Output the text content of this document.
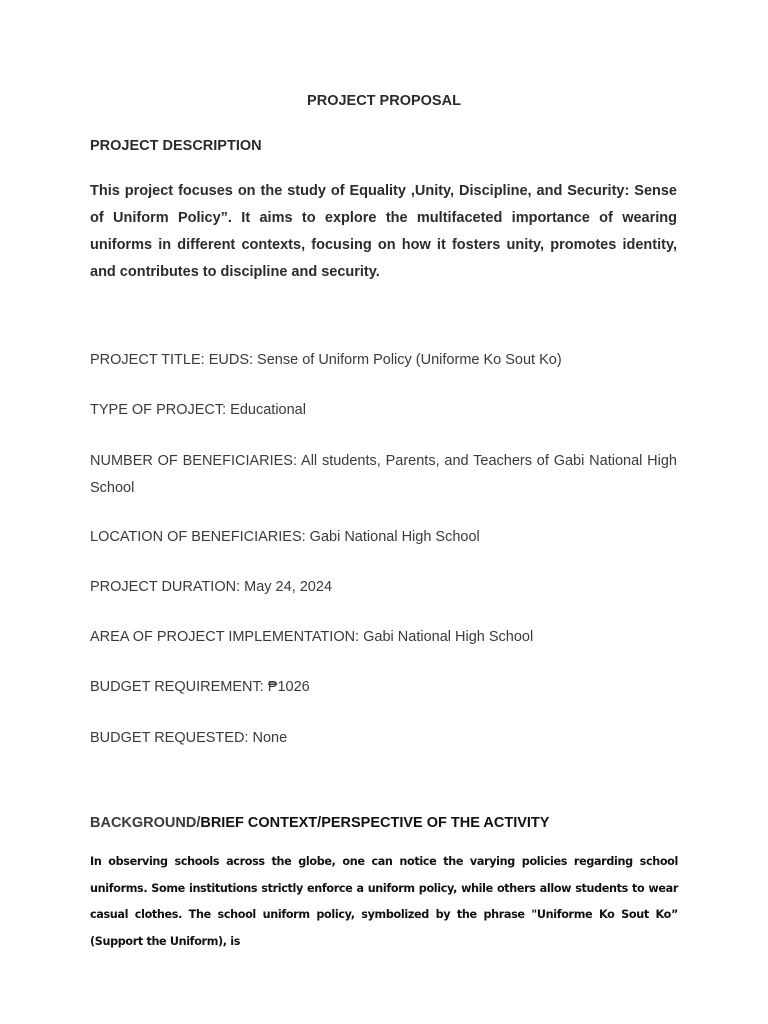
PROJECT PROPOSAL
PROJECT DESCRIPTION

This project focuses on the study of Equality ,Unity, Discipline, and Security: Sense of Uniform Policy”. It aims to explore the multifaceted importance of wearing uniforms in different contexts, focusing on how it fosters unity, promotes identity, and contributes to discipline and security.

PROJECT TITLE: EUDS: Sense of Uniform Policy (Uniforme Ko Sout Ko)

TYPE OF PROJECT: Educational

NUMBER OF BENEFICIARIES: All students, Parents, and Teachers of Gabi National High School

LOCATION OF BENEFICIARIES: Gabi National High School

PROJECT DURATION: May 24, 2024

AREA OF PROJECT IMPLEMENTATION: Gabi National High School

BUDGET REQUIREMENT: ₱1026

BUDGET REQUESTED: None

BACKGROUND/BRIEF CONTEXT/PERSPECTIVE OF THE ACTIVITY

In observing schools across the globe, one can notice the varying policies regarding school uniforms. Some institutions strictly enforce a uniform policy, while others allow students to wear casual clothes. The school uniform policy, symbolized by the phrase "Uniforme Ko Sout Ko” (Support the Uniform), is
